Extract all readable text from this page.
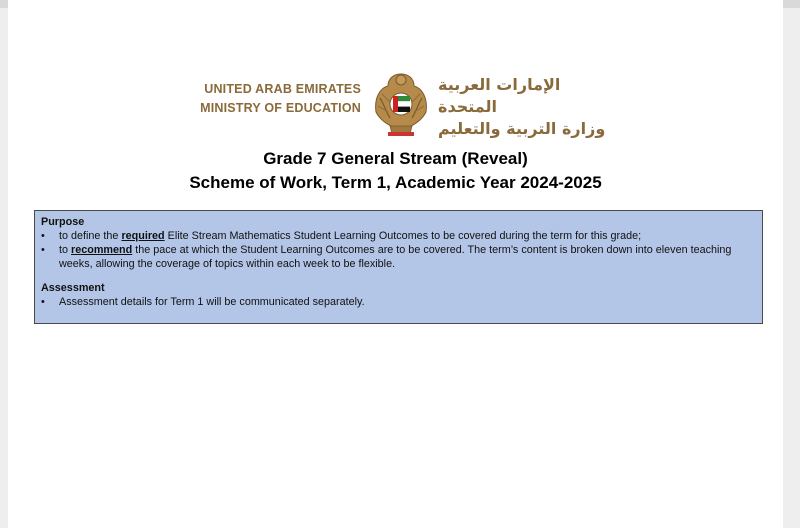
UNITED ARAB EMIRATES
MINISTRY OF EDUCATION
الإمارات العربية المتحدة
وزارة التربية والتعليم
Grade 7 General Stream (Reveal)
Scheme of Work, Term 1, Academic Year 2024-2025
Purpose
• to define the required Elite Stream Mathematics Student Learning Outcomes to be covered during the term for this grade;
• to recommend the pace at which the Student Learning Outcomes are to be covered. The term’s content is broken down into eleven teaching weeks, allowing the coverage of topics within each week to be flexible.
Assessment
• Assessment details for Term 1 will be communicated separately.
